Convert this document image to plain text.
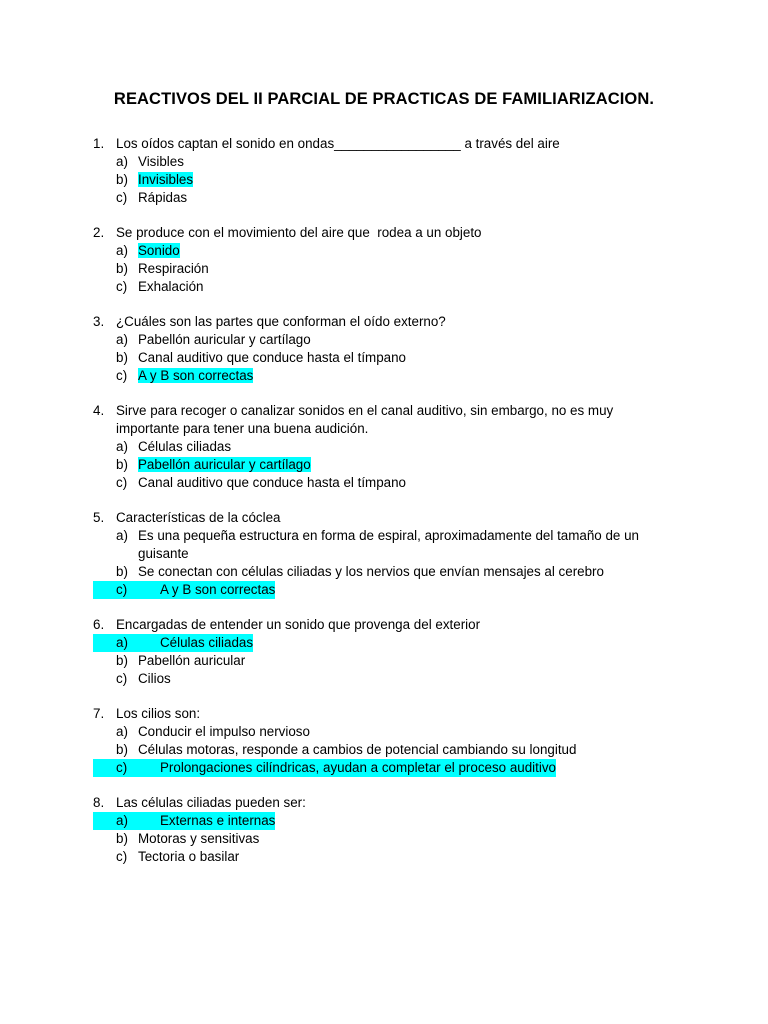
REACTIVOS DEL II PARCIAL DE PRACTICAS DE FAMILIARIZACION.
1. Los oídos captan el sonido en ondas_________________ a través del aire
a) Visibles
b) Invisibles
c) Rápidas
2. Se produce con el movimiento del aire que  rodea a un objeto
a) Sonido
b) Respiración
c) Exhalación
3. ¿Cuáles son las partes que conforman el oído externo?
a) Pabellón auricular y cartílago
b) Canal auditivo que conduce hasta el tímpano
c) A y B son correctas
4. Sirve para recoger o canalizar sonidos en el canal auditivo, sin embargo, no es muy importante para tener una buena audición.
a) Células ciliadas
b) Pabellón auricular y cartílago
c) Canal auditivo que conduce hasta el tímpano
5. Características de la cóclea
a) Es una pequeña estructura en forma de espiral, aproximadamente del tamaño de un guisante
b) Se conectan con células ciliadas y los nervios que envían mensajes al cerebro
c) A y B son correctas
6. Encargadas de entender un sonido que provenga del exterior
a) Células ciliadas
b) Pabellón auricular
c) Cilios
7. Los cilios son:
a) Conducir el impulso nervioso
b) Células motoras, responde a cambios de potencial cambiando su longitud
c) Prolongaciones cilíndricas, ayudan a completar el proceso auditivo
8. Las células ciliadas pueden ser:
a) Externas e internas
b) Motoras y sensitivas
c) Tectoria o basilar
